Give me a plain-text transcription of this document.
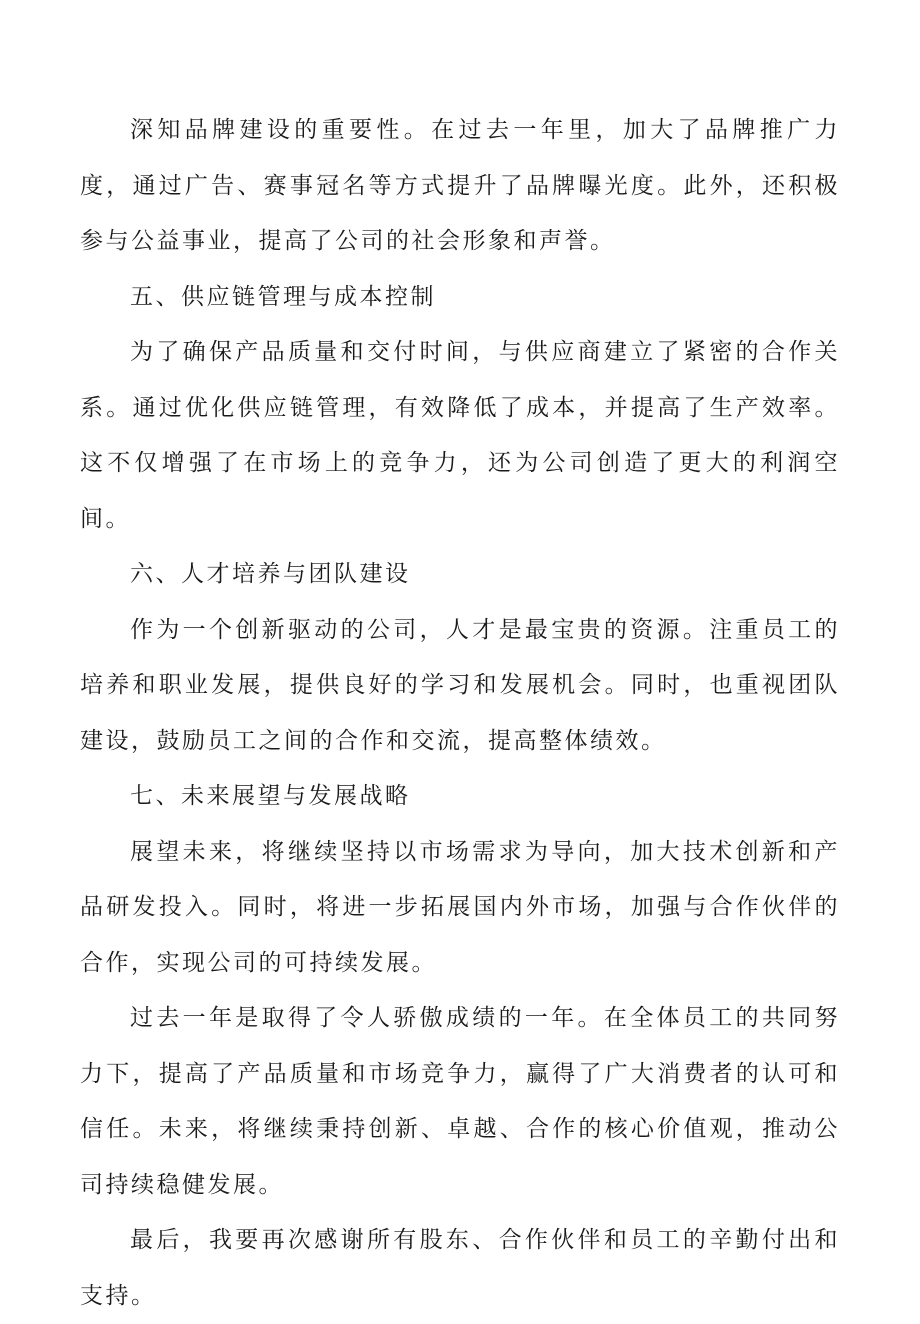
深知品牌建设的重要性。在过去一年里，加大了品牌推广力度，通过广告、赛事冠名等方式提升了品牌曝光度。此外，还积极参与公益事业，提高了公司的社会形象和声誉。

五、供应链管理与成本控制

为了确保产品质量和交付时间，与供应商建立了紧密的合作关系。通过优化供应链管理，有效降低了成本，并提高了生产效率。这不仅增强了在市场上的竞争力，还为公司创造了更大的利润空间。

六、人才培养与团队建设

作为一个创新驱动的公司，人才是最宝贵的资源。注重员工的培养和职业发展，提供良好的学习和发展机会。同时，也重视团队建设，鼓励员工之间的合作和交流，提高整体绩效。

七、未来展望与发展战略

展望未来，将继续坚持以市场需求为导向，加大技术创新和产品研发投入。同时，将进一步拓展国内外市场，加强与合作伙伴的合作，实现公司的可持续发展。

过去一年是取得了令人骄傲成绩的一年。在全体员工的共同努力下，提高了产品质量和市场竞争力，赢得了广大消费者的认可和信任。未来，将继续秉持创新、卓越、合作的核心价值观，推动公司持续稳健发展。

最后，我要再次感谢所有股东、合作伙伴和员工的辛勤付出和支持。
